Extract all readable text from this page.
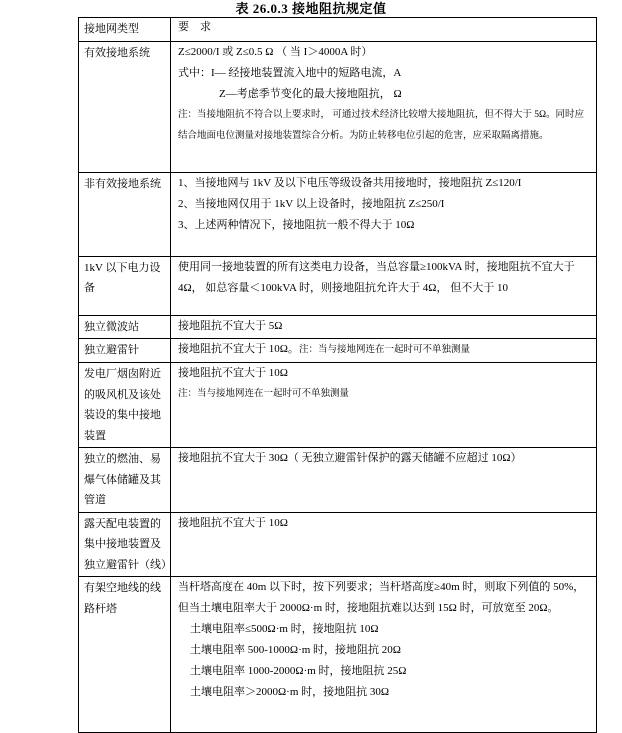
表 26.0.3 接地阻抗规定值
接地网类型	要　求
有效接地系统	Z≤2000/I 或 Z≤0.5 Ω （ 当 I＞4000A 时）
式中：I— 经接地装置流入地中的短路电流，A
Z—考虑季节变化的最大接地阻抗， Ω
注：当接地阻抗不符合以上要求时， 可通过技术经济比较增大接地阻抗，但不得大于 5Ω。同时应结合地面电位测量对接地装置综合分析。为防止转移电位引起的危害，应采取隔离措施。

非有效接地系统	1、当接地网与 1kV 及以下电压等级设备共用接地时，接地阻抗 Z≤120/I
2、当接地网仅用于 1kV 以上设备时，接地阻抗 Z≤250/I
3、上述两种情况下，接地阻抗一般不得大于 10Ω

1kV 以下电力设备	使用同一接地装置的所有这类电力设备，当总容量≥100kVA 时，接地阻抗不宜大于 4Ω， 如总容量＜100kVA 时，则接地阻抗允许大于 4Ω， 但不大于 10

独立微波站	接地阻抗不宜大于 5Ω

独立避雷针	接地阻抗不宜大于 10Ω。注：当与接地网连在一起时可不单独测量

发电厂烟囱附近的吸风机及该处装设的集中接地装置	接地阻抗不宜大于 10Ω
注：当与接地网连在一起时可不单独测量

独立的燃油、易爆气体储罐及其管道	接地阻抗不宜大于 30Ω（ 无独立避雷针保护的露天储罐不应超过 10Ω）

露天配电装置的集中接地装置及独立避雷针（线）	接地阻抗不宜大于 10Ω

有架空地线的线路杆塔	当杆塔高度在 40m 以下时，按下列要求；当杆塔高度≥40m 时，则取下列值的 50%， 但当土壤电阻率大于 2000Ω·m 时，接地阻抗难以达到 15Ω 时，可放宽至 20Ω。
土壤电阻率≤500Ω·m 时，接地阻抗 10Ω
土壤电阻率 500-1000Ω·m 时，接地阻抗 20Ω
土壤电阻率 1000-2000Ω·m 时，接地阻抗 25Ω
土壤电阻率＞2000Ω·m 时，接地阻抗 30Ω
